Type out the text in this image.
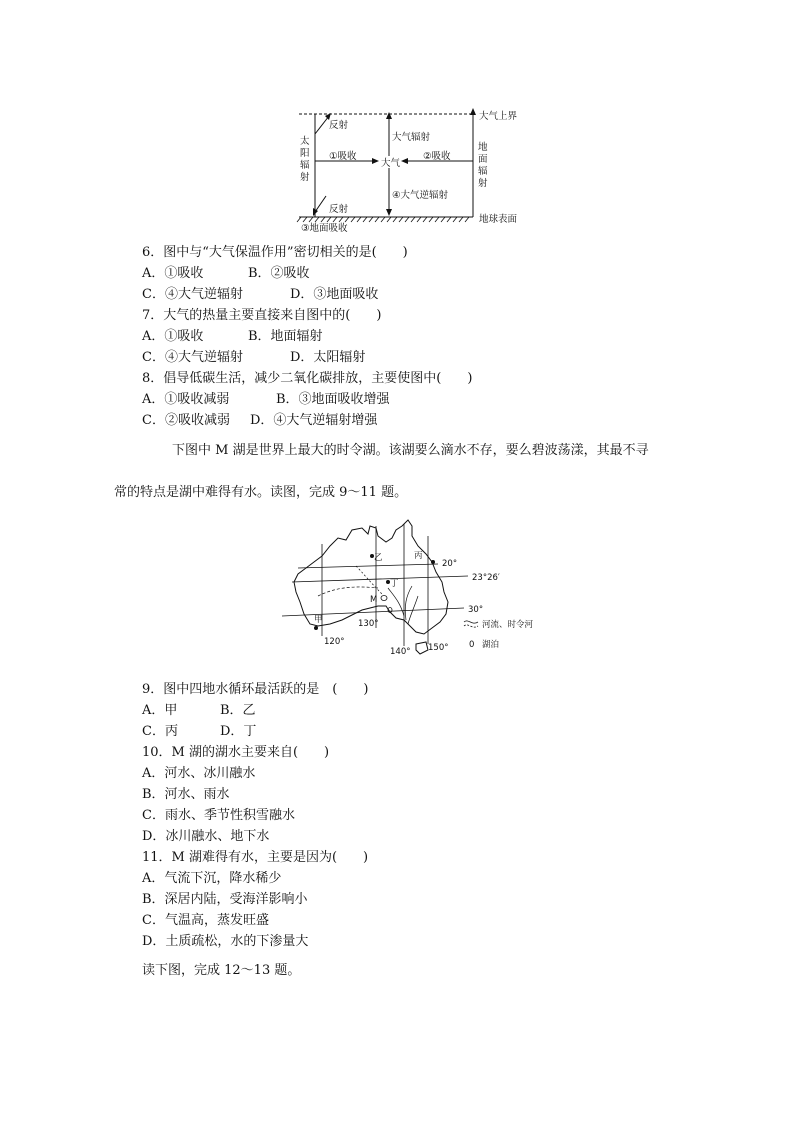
反射
反射
大气辐射
①吸收	②吸收
大气
④大气逆辐射
③地面吸收
大气上界
地球表面
太
阳
辐
射
地
面
辐
射
6．图中与“大气保温作用”密切相关的是(　　)
A．①吸收	B．②吸收
C．④大气逆辐射	D．③地面吸收
7．大气的热量主要直接来自图中的(　　)
A．①吸收	B．地面辐射
C．④大气逆辐射	D．太阳辐射
8．倡导低碳生活，减少二氧化碳排放，主要使图中(　　)
A．①吸收减弱	B．③地面吸收增强
C．②吸收减弱 D．④大气逆辐射增强
下图中 M 湖是世界上最大的时令湖。该湖要么滴水不存，要么碧波荡漾，其最不寻
常的特点是湖中难得有水。读图，完成 9～11 题。
乙	丙
丁
甲
M
20°
23°26′
30°
120°
130°
140° 150°
河流、时令河
0 湖泊
9．图中四地水循环最活跃的是　(　　)
A．甲	B．乙
C．丙	D．丁
10．M 湖的湖水主要来自(　　)
A．河水、冰川融水
B．河水、雨水
C．雨水、季节性积雪融水
D．冰川融水、地下水
11．M 湖难得有水，主要是因为(　　)
A．气流下沉，降水稀少
B．深居内陆，受海洋影响小
C．气温高，蒸发旺盛
D．土质疏松，水的下渗量大
读下图，完成 12～13 题。
